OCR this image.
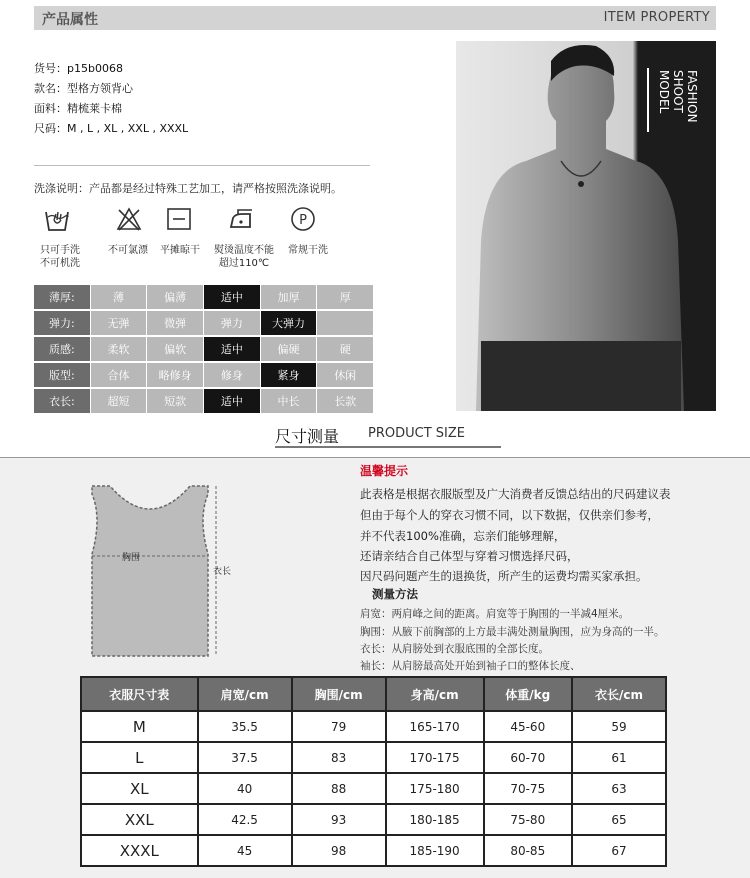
产品属性	ITEM PROPERTY
货号：p15b0068
款名：型格方领背心
面料：精梳莱卡棉
尺码：M , L , XL , XXL , XXXL
洗涤说明：产品都是经过特殊工艺加工，请严格按照洗涤说明。
P
只可手洗
不可机洗
不可氯漂	平摊晾干	熨烫温度不能
超过110℃
常规干洗
薄厚:	薄	偏薄	适中	加厚	厚
弹力:	无弹	微弹	弹力	大弹力
质感:	柔软	偏软	适中	偏硬	硬
版型:	合体	略修身	修身	紧身	休闲
衣长:	超短	短款	适中	中长	长款
MODEL SHOOT FASHION
尺寸测量 PRODUCT SIZE
胸围
衣长
温馨提示
此表格是根据衣服版型及广大消费者反馈总结出的尺码建议表
但由于每个人的穿衣习惯不同，以下数据，仅供亲们参考，
并不代表100%准确，忘亲们能够理解，
还请亲结合自己体型与穿着习惯选择尺码，
因尺码问题产生的退换货，所产生的运费均需买家承担。
测量方法
肩宽：两肩峰之间的距离。肩宽等于胸围的一半减4厘米。
胸围：从腋下前胸部的上方最丰满处测量胸围，应为身高的一半。
衣长：从肩膀处到衣服底围的全部长度。
袖长：从肩膀最高处开始到袖子口的整体长度、
衣服尺寸表	肩宽/cm	胸围/cm	身高/cm	体重/kg	衣长/cm
M	35.5	79	165-170	45-60	59
L	37.5	83	170-175	60-70	61
XL	40	88	175-180	70-75	63
XXL	42.5	93	180-185	75-80	65
XXXL	45	98	185-190	80-85	67
